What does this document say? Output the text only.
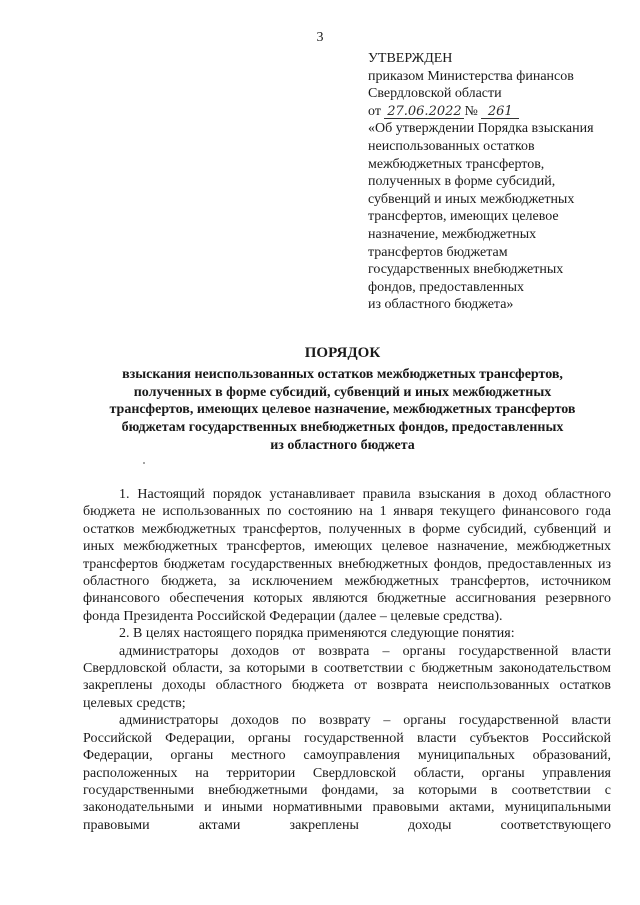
3
УТВЕРЖДЕН
приказом Министерства финансов
Свердловской области
от 27.06.2022 № 261
«Об утверждении Порядка взыскания
неиспользованных остатков
межбюджетных трансфертов,
полученных в форме субсидий,
субвенций и иных межбюджетных
трансфертов, имеющих целевое
назначение, межбюджетных
трансфертов бюджетам
государственных внебюджетных
фондов, предоставленных
из областного бюджета»
ПОРЯДОК
взыскания неиспользованных остатков межбюджетных трансфертов,
полученных в форме субсидий, субвенций и иных межбюджетных
трансфертов, имеющих целевое назначение, межбюджетных трансфертов
бюджетам государственных внебюджетных фондов, предоставленных
из областного бюджета

1. Настоящий порядок устанавливает правила взыскания в доход областного бюджета не использованных по состоянию на 1 января текущего финансового года остатков межбюджетных трансфертов, полученных в форме субсидий, субвенций и иных межбюджетных трансфертов, имеющих целевое назначение, межбюджетных трансфертов бюджетам государственных внебюджетных фондов, предоставленных из областного бюджета, за исключением межбюджетных трансфертов, источником финансового обеспечения которых являются бюджетные ассигнования резервного фонда Президента Российской Федерации (далее – целевые средства).

2. В целях настоящего порядка применяются следующие понятия:

администраторы доходов от возврата – органы государственной власти Свердловской области, за которыми в соответствии с бюджетным законодательством закреплены доходы областного бюджета от возврата неиспользованных остатков целевых средств;

администраторы доходов по возврату – органы государственной власти Российской Федерации, органы государственной власти субъектов Российской Федерации, органы местного самоуправления муниципальных образований, расположенных на территории Свердловской области, органы управления государственными внебюджетными фондами, за которыми в соответствии с законодательными и иными нормативными правовыми актами, муниципальными правовыми актами закреплены доходы соответствующего
